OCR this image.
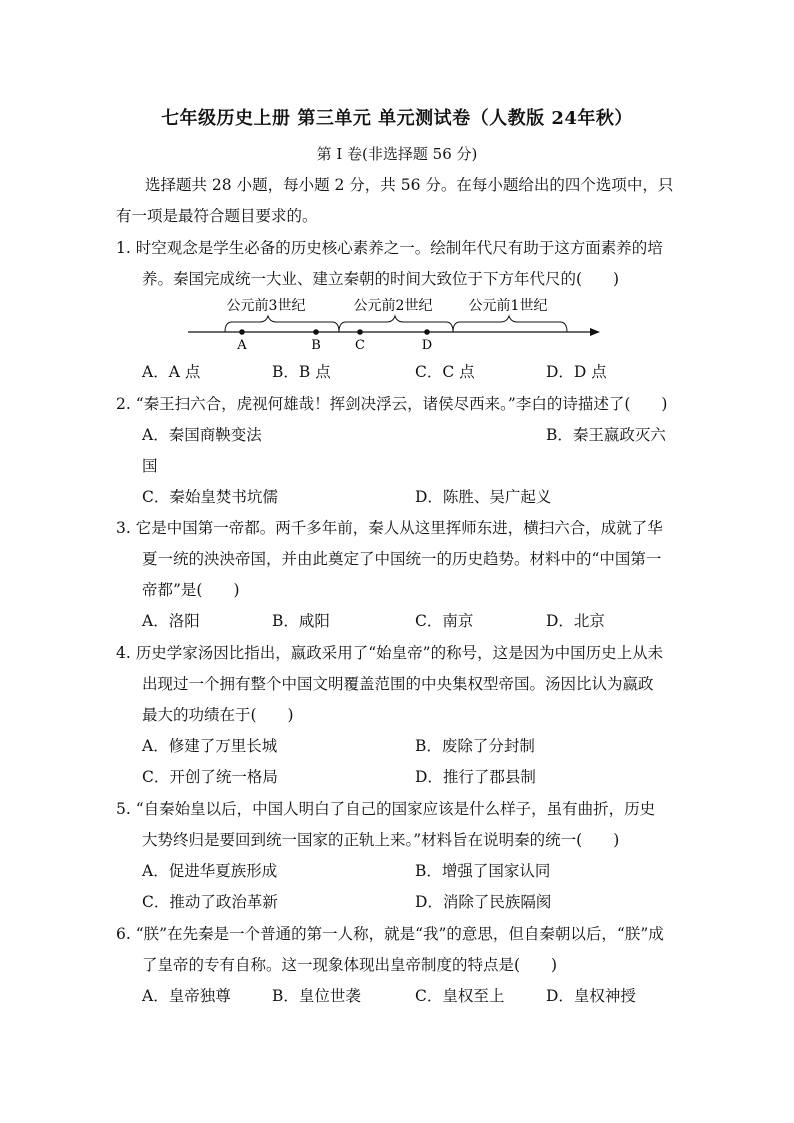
七年级历史上册 第三单元 单元测试卷（人教版 24年秋）
第 I 卷(非选择题 56 分)
选择题共 28 小题，每小题 2 分，共 56 分。在每小题给出的四个选项中，只
有一项是最符合题目要求的。
1. 时空观念是学生必备的历史核心素养之一。绘制年代尺有助于这方面素养的培
养。秦国完成统一大业、建立秦朝的时间大致位于下方年代尺的(　　)
公元前3世纪	公元前2世纪	公元前1世纪
A	B	C	D
A．A 点	B．B 点	C．C 点	D．D 点
2. “秦王扫六合，虎视何雄哉！挥剑决浮云，诸侯尽西来。”李白的诗描述了(　　)
A．秦国商鞅变法	B．秦王嬴政灭六
国
C．秦始皇焚书坑儒	D．陈胜、吴广起义
3. 它是中国第一帝都。两千多年前，秦人从这里挥师东进，横扫六合，成就了华
夏一统的泱泱帝国，并由此奠定了中国统一的历史趋势。材料中的“中国第一
帝都”是(　　)
A．洛阳	B．咸阳	C．南京	D．北京
4. 历史学家汤因比指出，嬴政采用了“始皇帝”的称号，这是因为中国历史上从未
出现过一个拥有整个中国文明覆盖范围的中央集权型帝国。汤因比认为嬴政
最大的功绩在于(　　)
A．修建了万里长城	B．废除了分封制
C．开创了统一格局	D．推行了郡县制
5. “自秦始皇以后，中国人明白了自己的国家应该是什么样子，虽有曲折，历史
大势终归是要回到统一国家的正轨上来。”材料旨在说明秦的统一(　　)
A．促进华夏族形成	B．增强了国家认同
C．推动了政治革新	D．消除了民族隔阂
6. “朕”在先秦是一个普通的第一人称，就是“我”的意思，但自秦朝以后，“朕”成
了皇帝的专有自称。这一现象体现出皇帝制度的特点是(　　)
A．皇帝独尊	B．皇位世袭	C．皇权至上	D．皇权神授
